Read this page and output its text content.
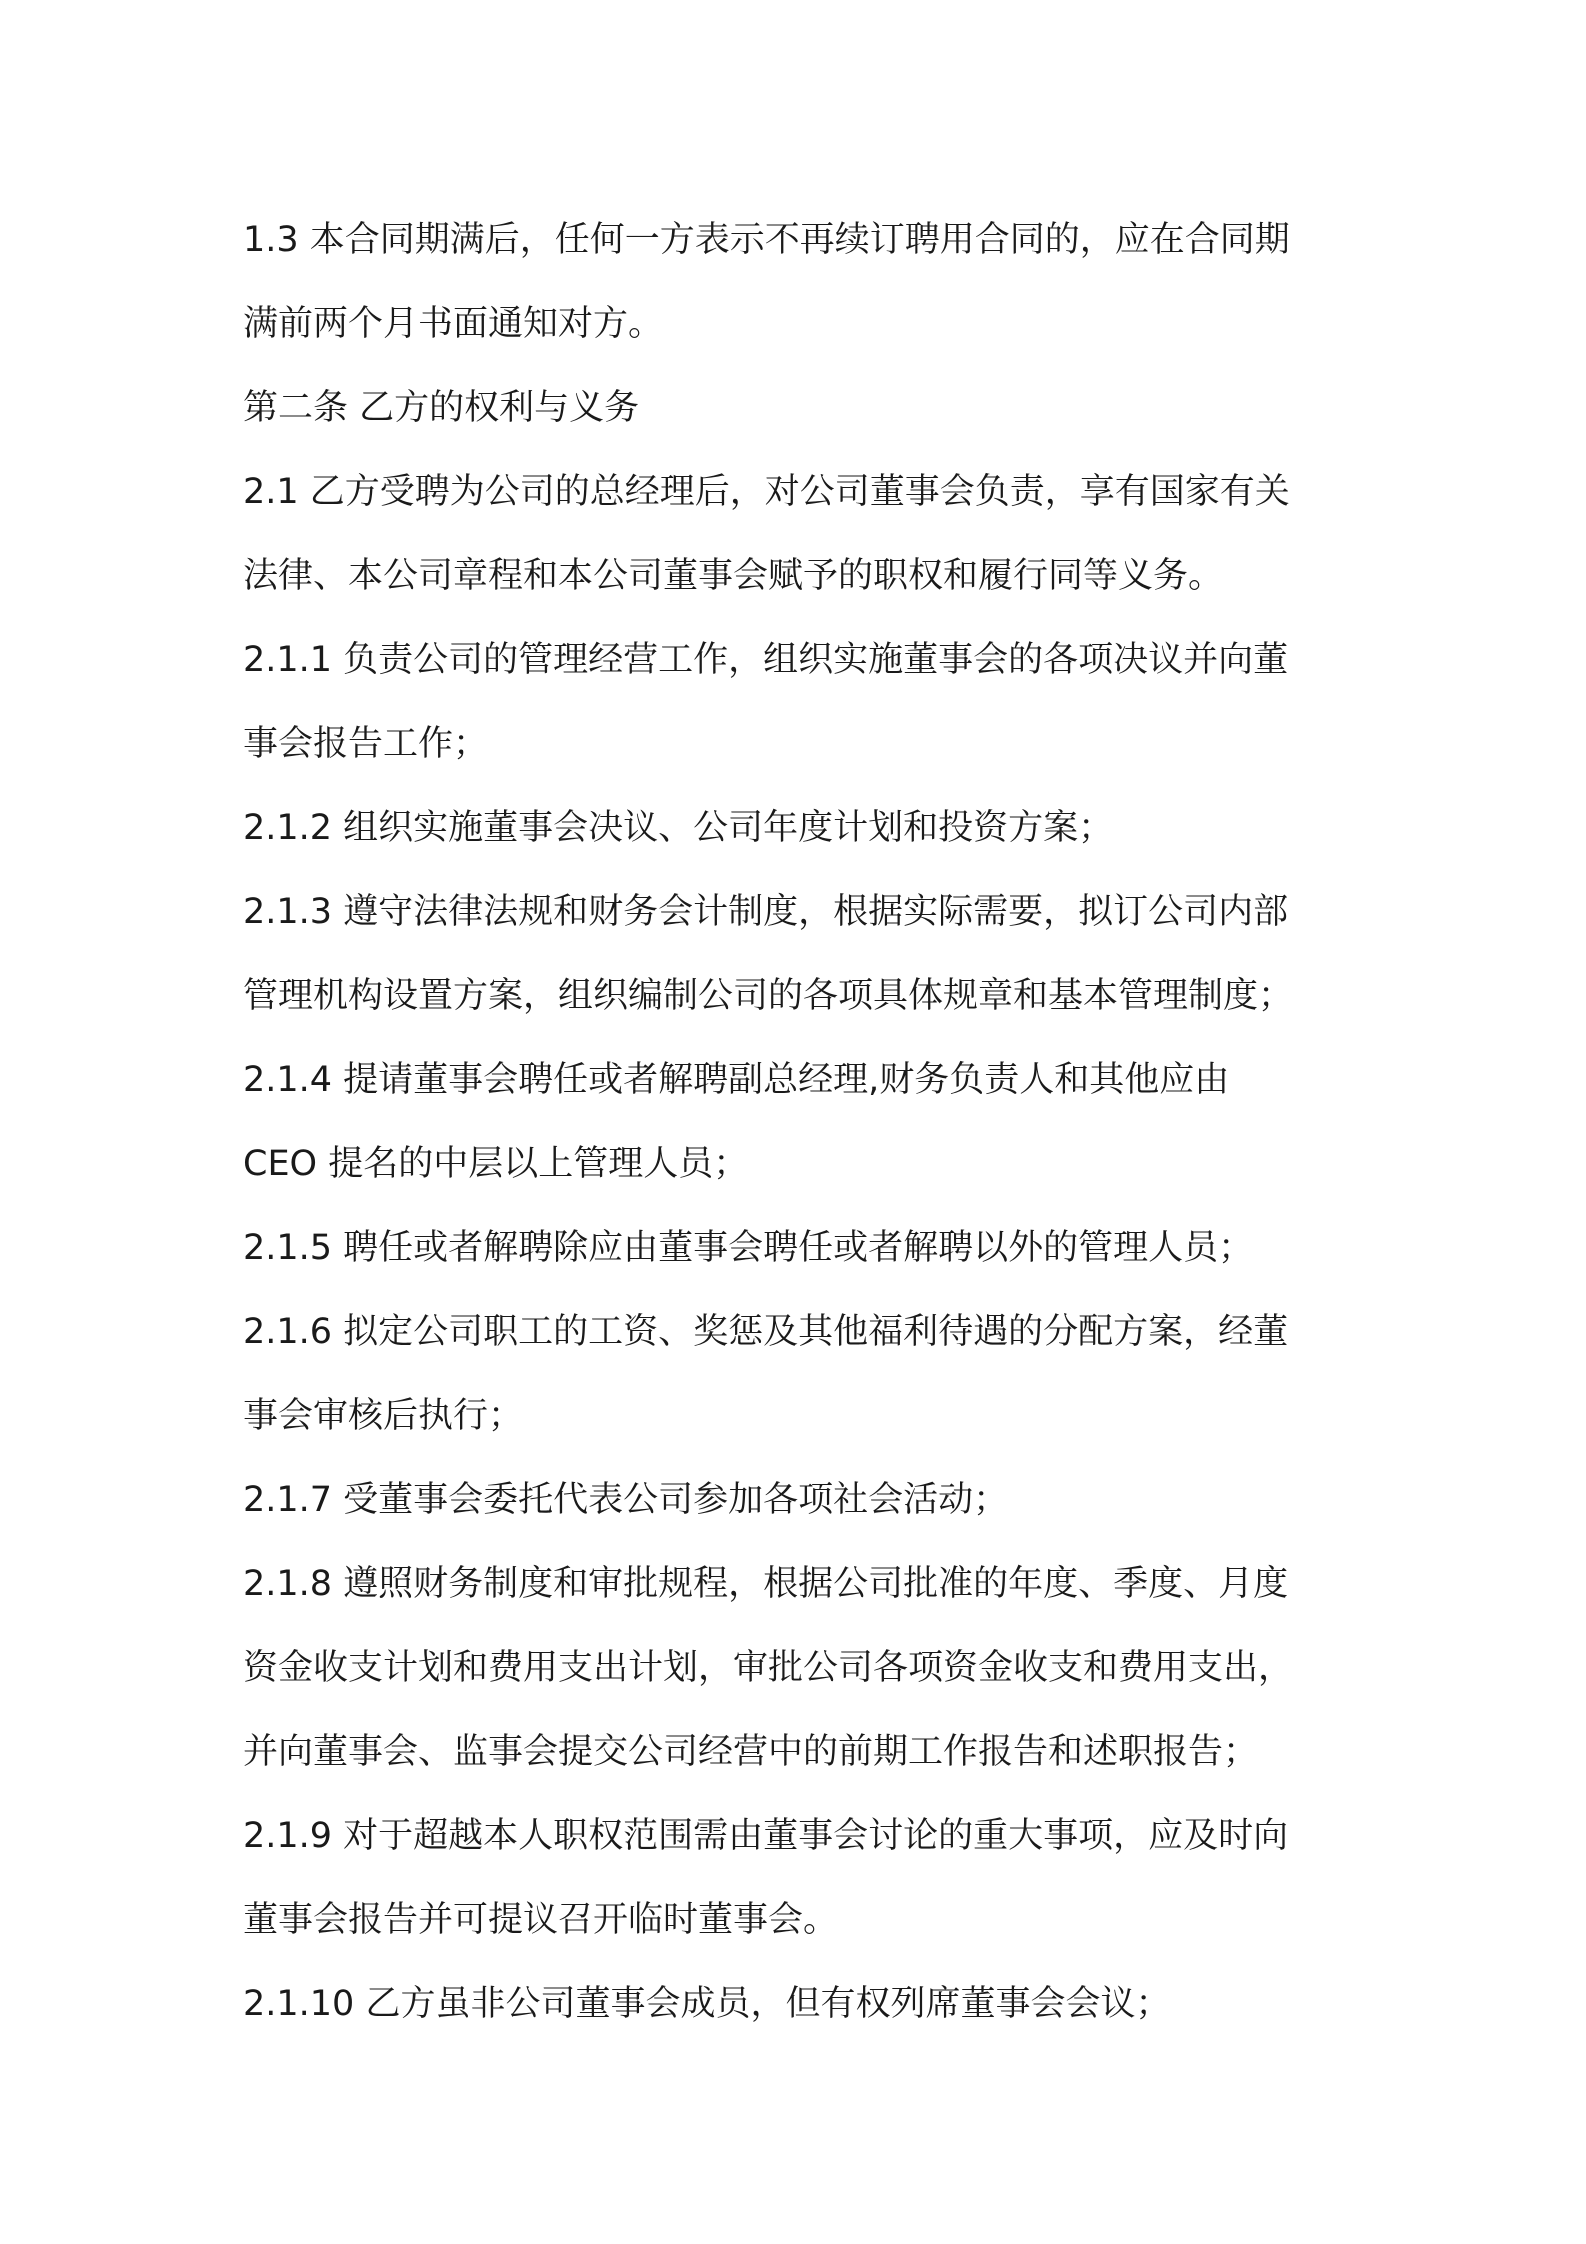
1.3 本合同期满后，任何一方表示不再续订聘用合同的，应在合同期
满前两个月书面通知对方。
第二条 乙方的权利与义务
2.1 乙方受聘为公司的总经理后，对公司董事会负责，享有国家有关
法律、本公司章程和本公司董事会赋予的职权和履行同等义务。
2.1.1 负责公司的管理经营工作，组织实施董事会的各项决议并向董
事会报告工作；
2.1.2 组织实施董事会决议、公司年度计划和投资方案；
2.1.3 遵守法律法规和财务会计制度，根据实际需要，拟订公司内部
管理机构设置方案，组织编制公司的各项具体规章和基本管理制度；
2.1.4 提请董事会聘任或者解聘副总经理,财务负责人和其他应由
CEO 提名的中层以上管理人员；
2.1.5 聘任或者解聘除应由董事会聘任或者解聘以外的管理人员；
2.1.6 拟定公司职工的工资、奖惩及其他福利待遇的分配方案，经董
事会审核后执行；
2.1.7 受董事会委托代表公司参加各项社会活动；
2.1.8 遵照财务制度和审批规程，根据公司批准的年度、季度、月度
资金收支计划和费用支出计划，审批公司各项资金收支和费用支出，
并向董事会、监事会提交公司经营中的前期工作报告和述职报告；
2.1.9 对于超越本人职权范围需由董事会讨论的重大事项，应及时向
董事会报告并可提议召开临时董事会。
2.1.10 乙方虽非公司董事会成员，但有权列席董事会会议；
